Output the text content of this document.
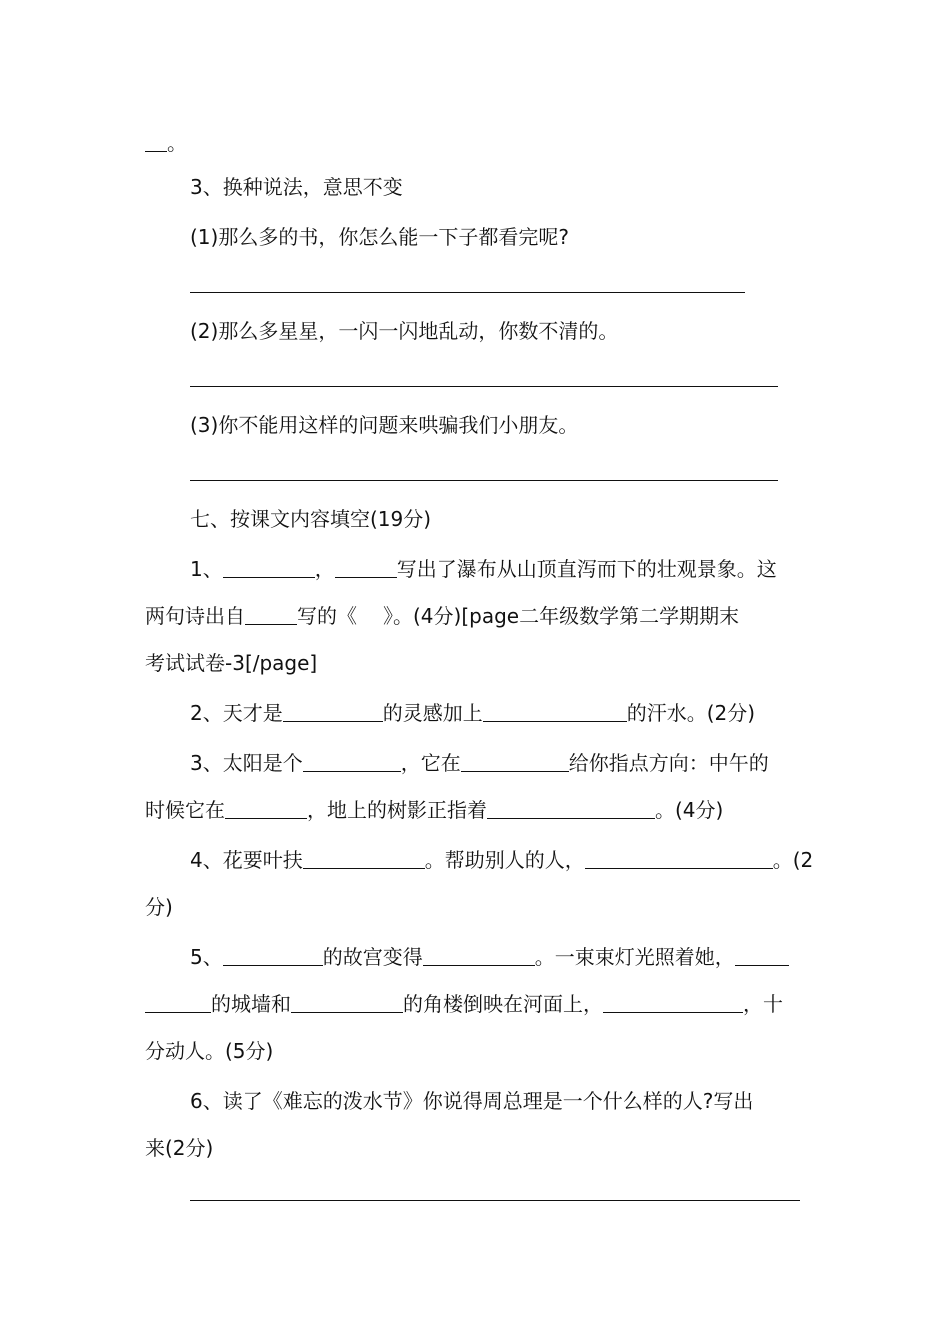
。
3、换种说法，意思不变
(1)那么多的书，你怎么能一下子都看完呢?
(2)那么多星星，一闪一闪地乱动，你数不清的。
(3)你不能用这样的问题来哄骗我们小朋友。
七、按课文内容填空(19分)
1、	，	写出了瀑布从山顶直泻而下的壮观景象。这
两句诗出自	写的《 》。(4分)[page二年级数学第二学期期末
考试试卷-3[/page]
2、天才是	的灵感加上	的汗水。(2分)
3、太阳是个	，它在	给你指点方向：中午的
时候它在	，地上的树影正指着	。(4分)
4、花要叶扶	。帮助别人的人，	。(2
分)
5、	的故宫变得	。一束束灯光照着她，
的城墙和	的角楼倒映在河面上，	，十
分动人。(5分)
6、读了《难忘的泼水节》你说得周总理是一个什么样的人?写出
来(2分)
